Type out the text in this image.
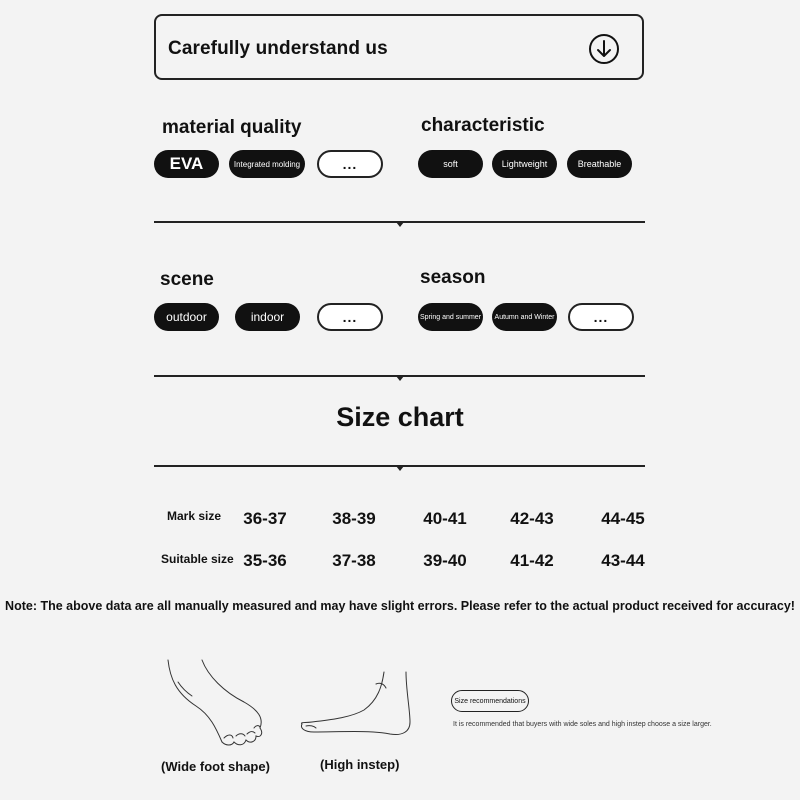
Carefully understand us
material quality
EVA	Integrated molding	...
characteristic
soft	Lightweight	Breathable
scene
outdoor	indoor	...
season
Spring and summer	Autumn and Winter	...
Size chart
Mark size	36-37	38-39	40-41	42-43	44-45
Suitable size 35-36	37-38	39-40	41-42	43-44
Note: The above data are all manually measured and may have slight errors. Please refer to the actual product received for accuracy!
(Wide foot shape)	(High instep)
Size recommendations
It is recommended that buyers with wide soles and high instep choose a size larger.
